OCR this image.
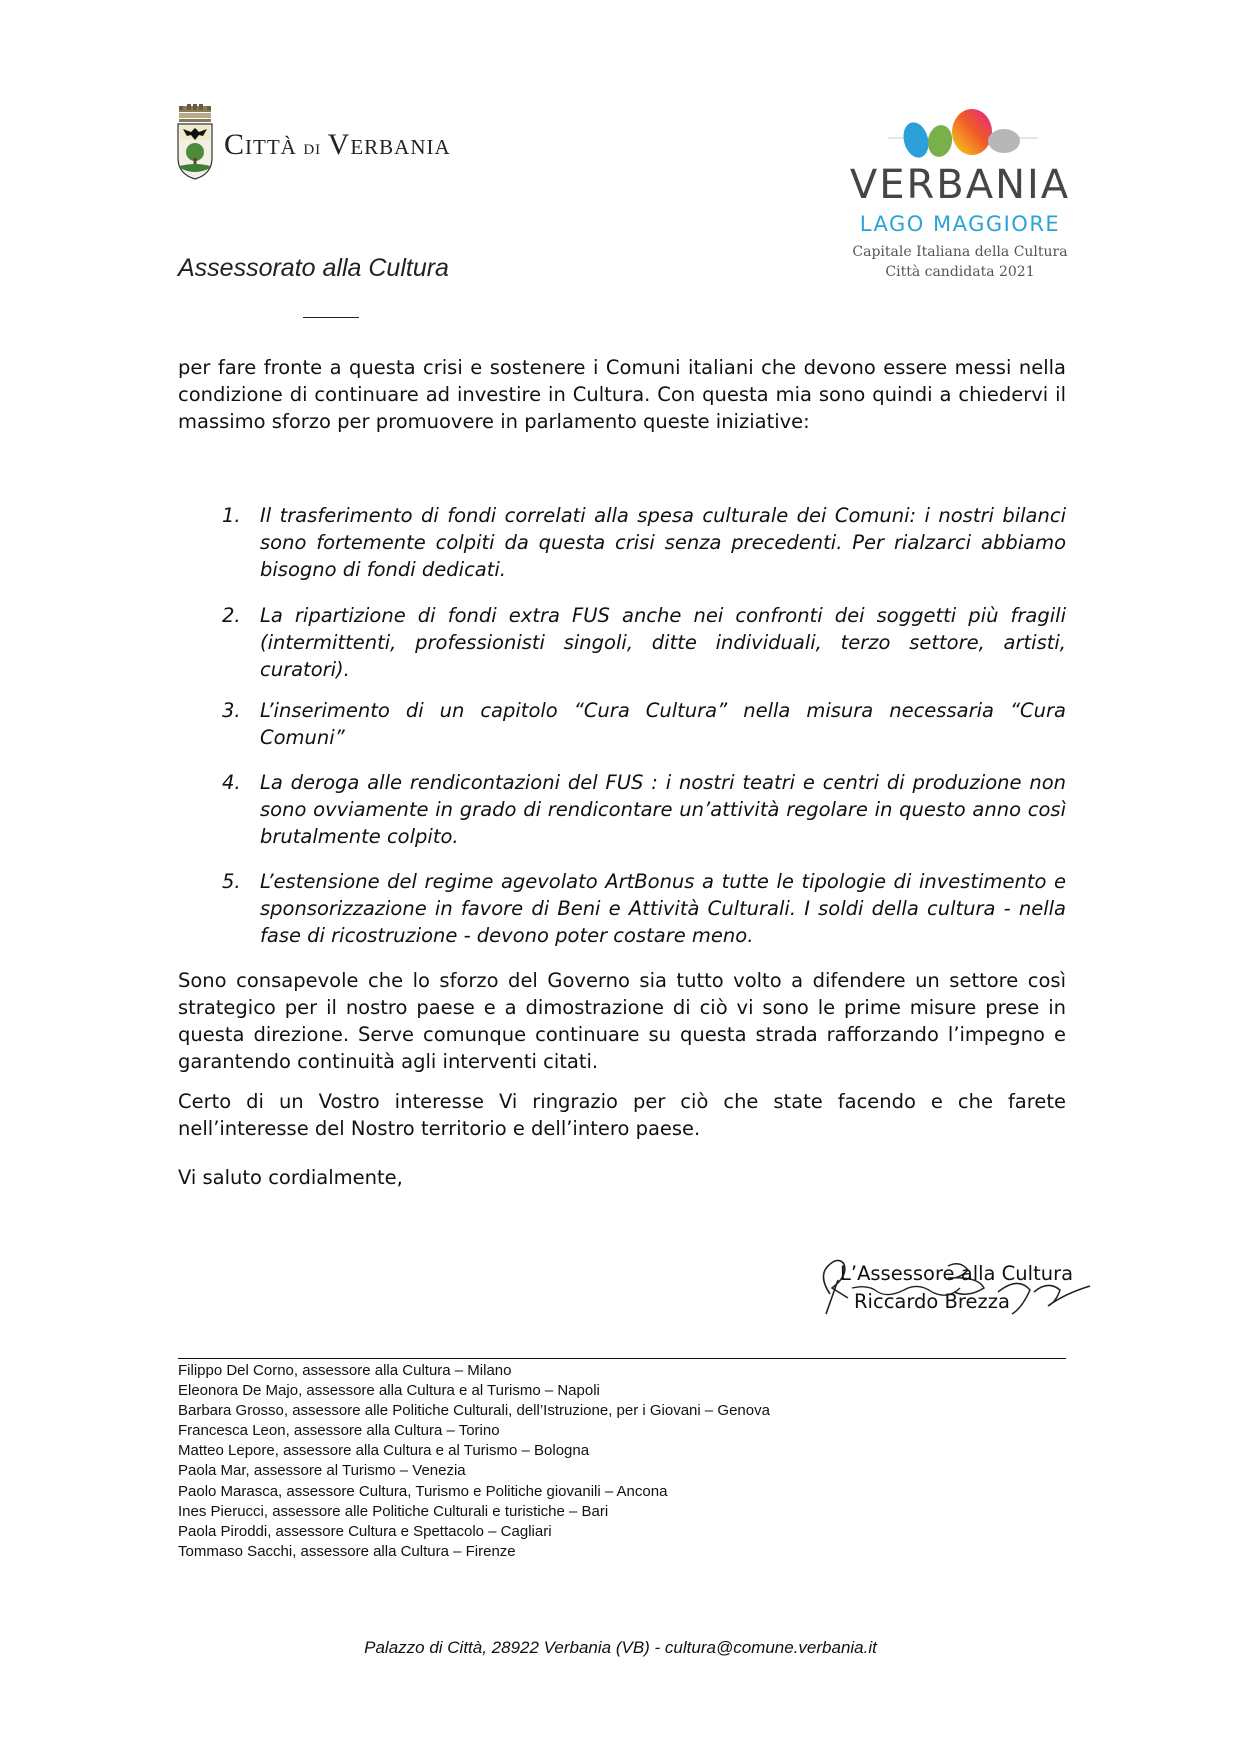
Città di Verbania
VERBANIA
LAGO MAGGIORE
Capitale Italiana della Cultura
Città candidata 2021
Assessorato alla Cultura

per fare fronte a questa crisi e sostenere i Comuni italiani che devono essere messi nella condizione di continuare ad investire in Cultura. Con questa mia sono quindi a chiedervi il massimo sforzo per promuovere in parlamento queste iniziative:

1. Il trasferimento di fondi correlati alla spesa culturale dei Comuni: i nostri bilanci sono fortemente colpiti da questa crisi senza precedenti. Per rialzarci abbiamo bisogno di fondi dedicati.
2. La ripartizione di fondi extra FUS anche nei confronti dei soggetti più fragili (intermittenti, professionisti singoli, ditte individuali, terzo settore, artisti, curatori).
3. L’inserimento di un capitolo “Cura Cultura” nella misura necessaria “Cura Comuni”
4. La deroga alle rendicontazioni del FUS : i nostri teatri e centri di produzione non sono ovviamente in grado di rendicontare un’attività regolare in questo anno così brutalmente colpito.
5. L’estensione del regime agevolato ArtBonus a tutte le tipologie di investimento e sponsorizzazione in favore di Beni e Attività Culturali. I soldi della cultura - nella fase di ricostruzione - devono poter costare meno.

Sono consapevole che lo sforzo del Governo sia tutto volto a difendere un settore così strategico per il nostro paese e a dimostrazione di ciò vi sono le prime misure prese in questa direzione. Serve comunque continuare su questa strada rafforzando l’impegno e garantendo continuità agli interventi citati.

Certo di un Vostro interesse Vi ringrazio per ciò che state facendo e che farete nell’interesse del Nostro territorio e dell’intero paese.

Vi saluto cordialmente,

L’Assessore alla Cultura
Riccardo Brezza
Filippo Del Corno, assessore alla Cultura – Milano
Eleonora De Majo, assessore alla Cultura e al Turismo – Napoli
Barbara Grosso, assessore alle Politiche Culturali, dell’Istruzione, per i Giovani – Genova
Francesca Leon, assessore alla Cultura – Torino
Matteo Lepore, assessore alla Cultura e al Turismo – Bologna
Paola Mar, assessore al Turismo – Venezia
Paolo Marasca, assessore Cultura, Turismo e Politiche giovanili – Ancona
Ines Pierucci, assessore alle Politiche Culturali e turistiche – Bari
Paola Piroddi, assessore Cultura e Spettacolo – Cagliari
Tommaso Sacchi, assessore alla Cultura – Firenze
Palazzo di Città, 28922 Verbania (VB) - cultura@comune.verbania.it
